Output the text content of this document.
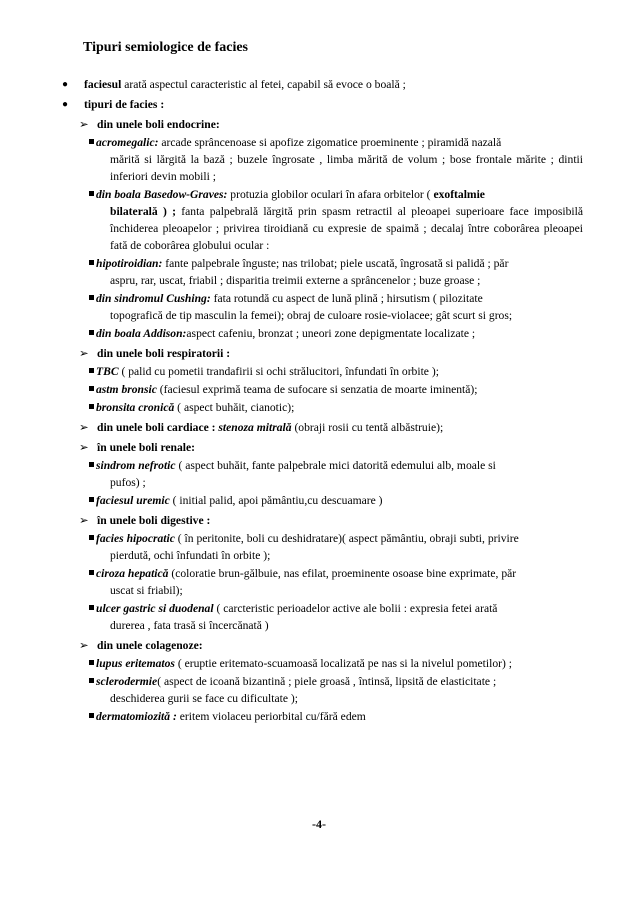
Tipuri semiologice de facies
● faciesul arată aspectul caracteristic al fetei, capabil să evoce o boală ;
● tipuri de facies :
➢ din unele boli endocrine:
acromegalic: arcade sprâncenoase si apofize zigomatice proeminente ; piramidă nazală
mărită si lărgită la bază ; buzele îngrosate , limba mărită de volum ; bose frontale mărite ; dintii inferiori devin mobili ;
din boala Basedow-Graves: protuzia globilor oculari în afara orbitelor ( exoftalmie
bilaterală ) ; fanta palpebrală lărgită prin spasm retractil al pleoapei superioare face imposibilă închiderea pleoapelor ; privirea tiroidiană cu expresie de spaimă ; decalaj între coborârea pleoapei fată de coborârea globului ocular :
hipotiroidian: fante palpebrale înguste; nas trilobat; piele uscată, îngrosată si palidă ; păr
aspru, rar, uscat, friabil ; disparitia treimii externe a sprâncenelor ; buze groase ;
din sindromul Cushing: fata rotundă cu aspect de lună plină ; hirsutism ( pilozitate
topografică de tip masculin la femei); obraj de culoare rosie-violacee; gât scurt si gros;
din boala Addison:aspect cafeniu, bronzat ; uneori zone depigmentate localizate ;
➢ din unele boli respiratorii :
TBC ( palid cu pometii trandafirii si ochi strălucitori, înfundati în orbite );
astm bronsic (faciesul exprimă teama de sufocare si senzatia de moarte iminentă);
bronsita cronică ( aspect buhăit, cianotic);
➢ din unele boli cardiace : stenoza mitrală (obraji rosii cu tentă albăstruie);
➢ în unele boli renale:
sindrom nefrotic ( aspect buhăit, fante palpebrale mici datorită edemului alb, moale si
pufos) ;
faciesul uremic ( initial palid, apoi pământiu,cu descuamare )
➢ în unele boli digestive :
facies hipocratic ( în peritonite, boli cu deshidratare)( aspect pământiu, obraji subti, privire
pierdută, ochi înfundati în orbite );
ciroza hepatică (coloratie brun-gălbuie, nas efilat, proeminente osoase bine exprimate, păr
uscat si friabil);
ulcer gastric si duodenal ( carcteristic perioadelor active ale bolii : expresia fetei arată
durerea , fata trasă si încercănată )
➢ din unele colagenoze:
lupus eritematos ( eruptie eritemato-scuamoasă localizată pe nas si la nivelul pometilor) ;
sclerodermie( aspect de icoană bizantină ; piele groasă , întinsă, lipsită de elasticitate ;
deschiderea gurii se face cu dificultate );
dermatomiozită : eritem violaceu periorbital cu/fără edem
-4-
